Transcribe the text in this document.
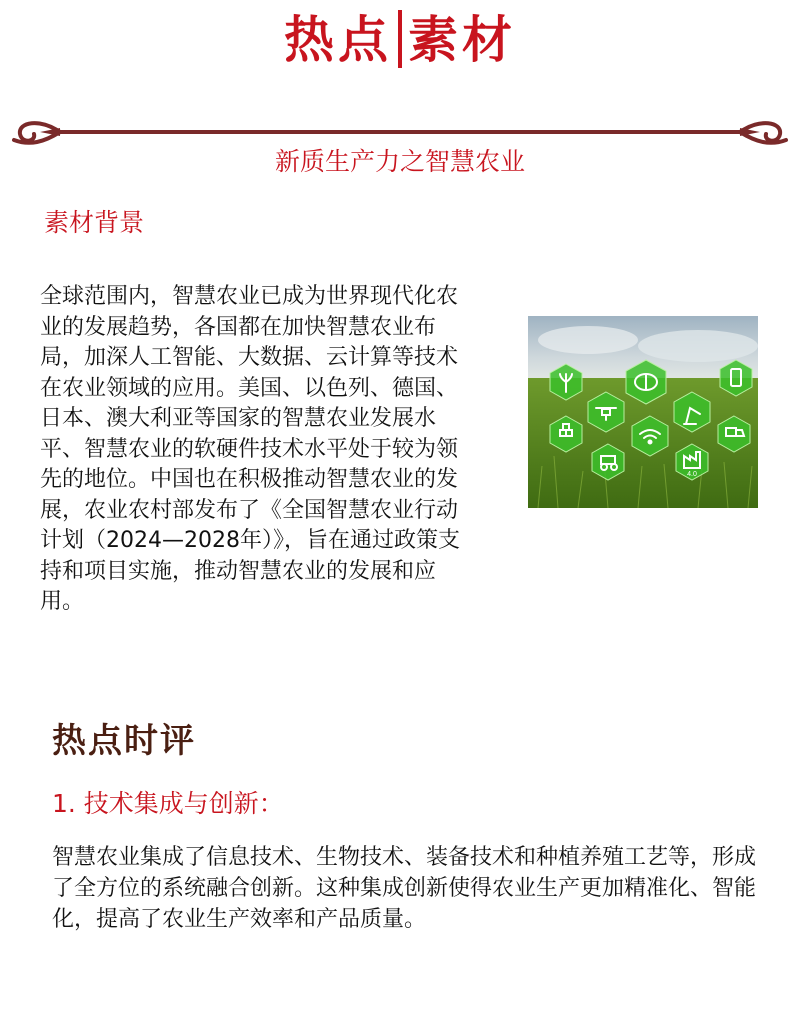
热点 素材
新质生产力之智慧农业
素材背景
全球范围内，智慧农业已成为世界现代化农业的发展趋势，各国都在加快智慧农业布局，加深人工智能、大数据、云计算等技术在农业领域的应用。美国、以色列、德国、日本、澳大利亚等国家的智慧农业发展水平、智慧农业的软硬件技术水平处于较为领先的地位。中国也在积极推动智慧农业的发展，农业农村部发布了《全国智慧农业行动计划（2024—2028年）》，旨在通过政策支持和项目实施，推动智慧农业的发展和应用。
4.0
热点时评
1. 技术集成与创新：
智慧农业集成了信息技术、生物技术、装备技术和种植养殖工艺等，形成了全方位的系统融合创新。这种集成创新使得农业生产更加精准化、智能化，提高了农业生产效率和产品质量。
